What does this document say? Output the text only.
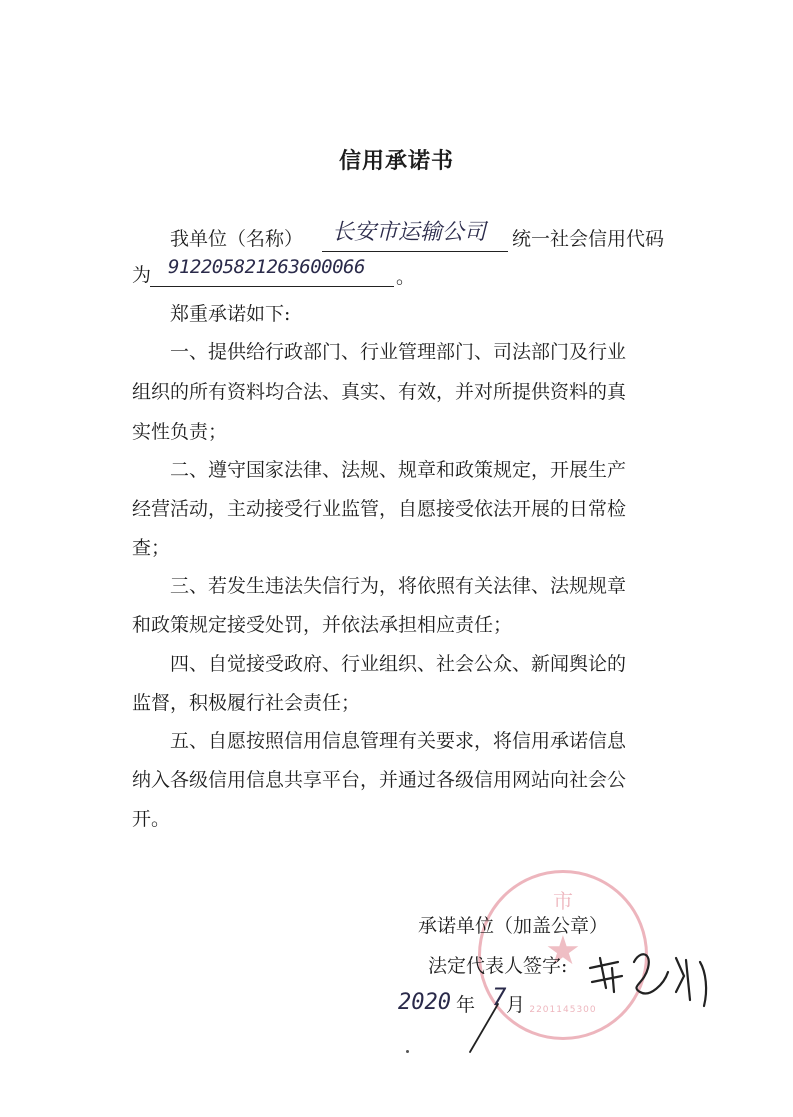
信用承诺书
我单位（名称） 长安市运输公司 统一社会信用代码
为 912205821263600066 。
郑重承诺如下:
一、提供给行政部门、行业管理部门、司法部门及行业
组织的所有资料均合法、真实、有效，并对所提供资料的真
实性负责；
二、遵守国家法律、法规、规章和政策规定，开展生产
经营活动，主动接受行业监管，自愿接受依法开展的日常检
查；
三、若发生违法失信行为，将依照有关法律、法规规章
和政策规定接受处罚，并依法承担相应责任；
四、自觉接受政府、行业组织、社会公众、新闻舆论的
监督，积极履行社会责任；
五、自愿按照信用信息管理有关要求，将信用承诺信息
纳入各级信用信息共享平台，并通过各级信用网站向社会公
开。
市
★
2201145300
承诺单位（加盖公章）
法定代表人签字:
2020 年 7 月
